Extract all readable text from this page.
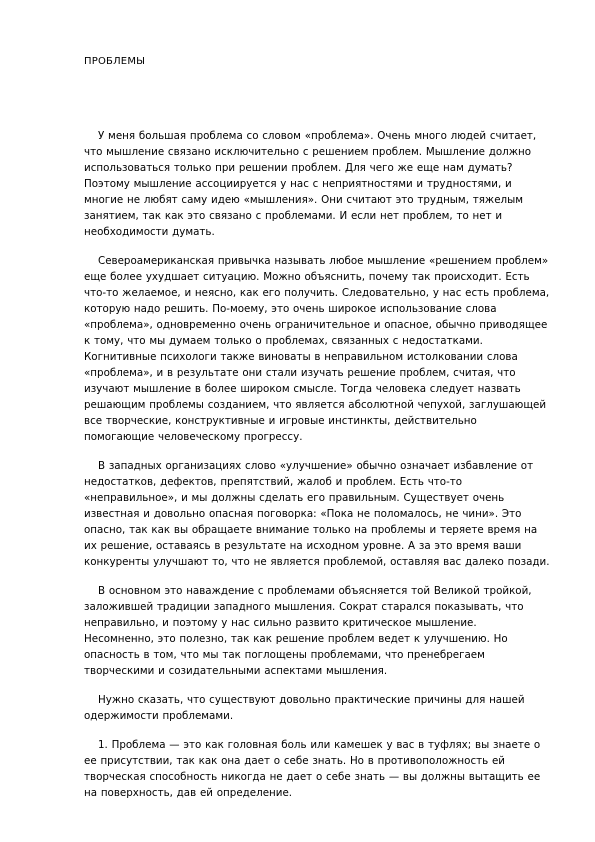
ПРОБЛЕМЫ

У меня большая проблема со словом «проблема». Очень много людей считает, что мышление связано исключительно с решением проблем. Мышление должно использоваться только при решении проблем. Для чего же еще нам думать? Поэтому мышление ассоциируется у нас с неприятностями и трудностями, и многие не любят саму идею «мышления». Они считают это трудным, тяжелым занятием, так как это связано с проблемами. И если нет проблем, то нет и необходимости думать.

Североамериканская привычка называть любое мышление «решением проблем» еще более ухудшает ситуацию. Можно объяснить, почему так происходит. Есть что-то желаемое, и неясно, как его получить. Следовательно, у нас есть проблема, которую надо решить. По-моему, это очень широкое использование слова «проблема», одновременно очень ограничительное и опасное, обычно приводящее к тому, что мы думаем только о проблемах, связанных с недостатками. Когнитивные психологи также виноваты в неправильном истолковании слова «проблема», и в результате они стали изучать решение проблем, считая, что изучают мышление в более широком смысле. Тогда человека следует назвать решающим проблемы созданием, что является абсолютной чепухой, заглушающей все творческие, конструктивные и игровые инстинкты, действительно помогающие человеческому прогрессу.

В западных организациях слово «улучшение» обычно означает избавление от недостатков, дефектов, препятствий, жалоб и проблем. Есть что-то «неправильное», и мы должны сделать его правильным. Существует очень известная и довольно опасная поговорка: «Пока не поломалось, не чини». Это опасно, так как вы обращаете внимание только на проблемы и теряете время на их решение, оставаясь в результате на исходном уровне. А за это время ваши конкуренты улучшают то, что не является проблемой, оставляя вас далеко позади.

В основном это наваждение с проблемами объясняется той Великой тройкой, заложившей традиции западного мышления. Сократ старался показывать, что неправильно, и поэтому у нас сильно развито критическое мышление. Несомненно, это полезно, так как решение проблем ведет к улучшению. Но опасность в том, что мы так поглощены проблемами, что пренебрегаем творческими и созидательными аспектами мышления.

Нужно сказать, что существуют довольно практические причины для нашей одержимости проблемами.

1. Проблема — это как головная боль или камешек у вас в туфлях; вы знаете о ее присутствии, так как она дает о себе знать. Но в противоположность ей творческая способность никогда не дает о себе знать — вы должны вытащить ее на поверхность, дав ей определение.
